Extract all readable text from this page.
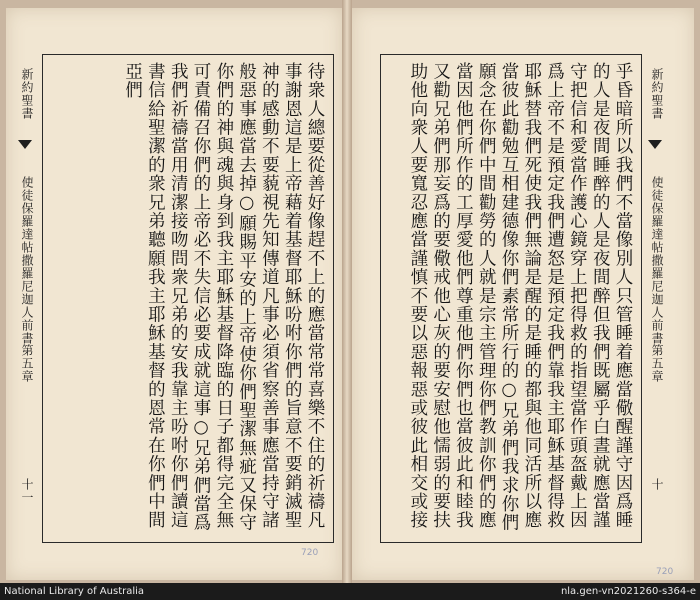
新約聖書
使徒保羅達帖撒羅尼迦人前書
第五章
十一	待衆人總要從善好像趕不上的應當常常喜樂不住的祈禱凡事謝恩這是上帝藉着基督耶穌吩咐你們的旨意不要銷滅聖神的感動不要藐視先知傳道凡事必須省察善事應當持守諸般惡事應當去掉○願賜平安的上帝使你們聖潔無疵又保守你們的神與魂與身到我主耶穌基督降臨的日子都得完全無可責備召你們的上帝必不失信必要成就這事○兄弟們當爲我們祈禱當用清潔接吻問衆兄弟的安我靠主吩咐你們讀這書信給聖潔的衆兄弟聽願我主耶穌基督的恩常在你們中間亞們
720
乎昏暗所以我們不當像別人只管睡着應當儆醒謹守因爲睡的人是夜間睡醉的人是夜間醉但我們既屬乎白晝就應當謹守把信和愛當作護心鏡穿上把得救的指望當作頭盔戴上因爲上帝不是預定我們遭怒是預定我們靠我主耶穌基督得救耶穌替我們死使我們無論是醒的是睡的都與他同活所以應當彼此勸勉互相建德像你們素常所行的○兄弟們我求你們願念在你們中間勸勞的人就是宗主管理你們教訓你們的應當因他們所作的工厚愛他們尊重他們你們也當彼此和睦我又勸兄弟們那妄爲的要儆戒他心灰的要安慰他懦弱的要扶助他向衆人要寬忍應當謹慎不要以惡報惡或彼此相交或接	新約聖書
使徒保羅達帖撒羅尼迦人前書
第五章
十
720
National Library of Australia	nla.gen-vn2021260-s364-e
